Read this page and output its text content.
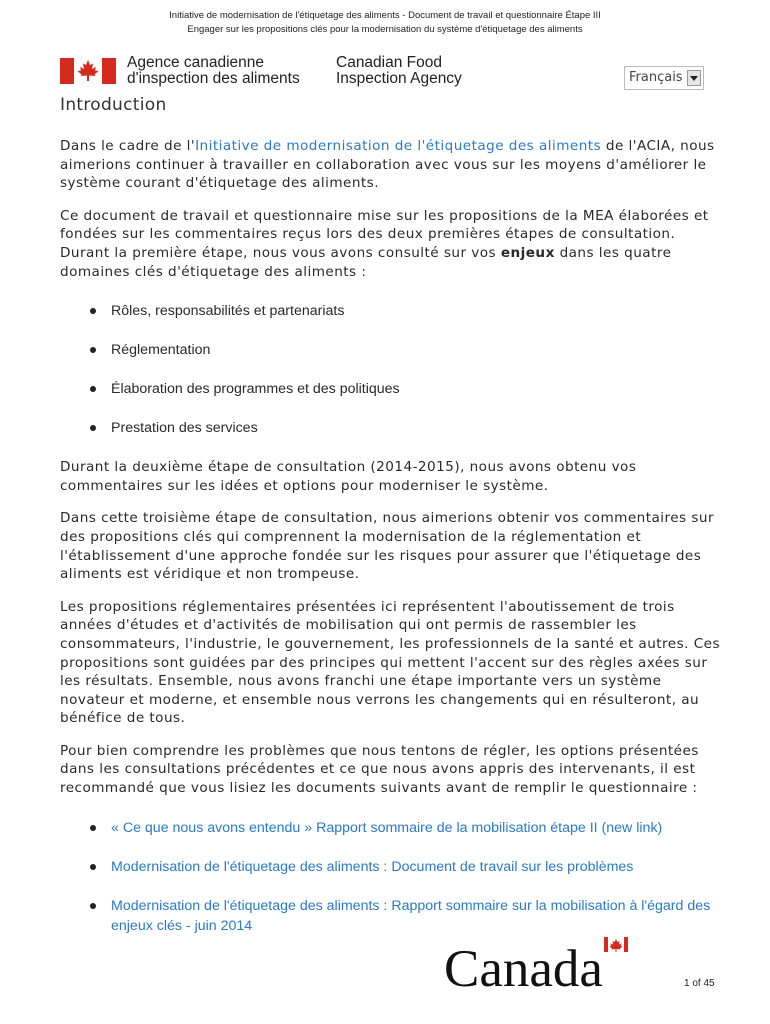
Initiative de modernisation de l'étiquetage des aliments - Document de travail et questionnaire Étape III
Engager sur les propositions clés pour la modernisation du système d'étiquetage des aliments
Agence canadienne
d'inspection des aliments
Canadian Food
Inspection Agency	Français
Introduction

Dans le cadre de l'Initiative de modernisation de l'étiquetage des aliments de l'ACIA, nous aimerions continuer à travailler en collaboration avec vous sur les moyens d'améliorer le système courant d'étiquetage des aliments.

Ce document de travail et questionnaire mise sur les propositions de la MEA élaborées et fondées sur les commentaires reçus lors des deux premières étapes de consultation. Durant la première étape, nous vous avons consulté sur vos enjeux dans les quatre domaines clés d'étiquetage des aliments :

Rôles, responsabilités et partenariats
Réglementation
Élaboration des programmes et des politiques
Prestation des services

Durant la deuxième étape de consultation (2014-2015), nous avons obtenu vos commentaires sur les idées et options pour moderniser le système.

Dans cette troisième étape de consultation, nous aimerions obtenir vos commentaires sur des propositions clés qui comprennent la modernisation de la réglementation et l'établissement d'une approche fondée sur les risques pour assurer que l'étiquetage des aliments est véridique et non trompeuse.

Les propositions réglementaires présentées ici représentent l'aboutissement de trois années d'études et d'activités de mobilisation qui ont permis de rassembler les consommateurs, l'industrie, le gouvernement, les professionnels de la santé et autres. Ces propositions sont guidées par des principes qui mettent l'accent sur des règles axées sur les résultats. Ensemble, nous avons franchi une étape importante vers un système novateur et moderne, et ensemble nous verrons les changements qui en résulteront, au bénéfice de tous.

Pour bien comprendre les problèmes que nous tentons de régler, les options présentées dans les consultations précédentes et ce que nous avons appris des intervenants, il est recommandé que vous lisiez les documents suivants avant de remplir le questionnaire :

« Ce que nous avons entendu » Rapport sommaire de la mobilisation étape II (new link)
Modernisation de l'étiquetage des aliments : Document de travail sur les problèmes
Modernisation de l'étiquetage des aliments : Rapport sommaire sur la mobilisation à l'égard des enjeux clés - juin 2014
Canada	1 of 45
